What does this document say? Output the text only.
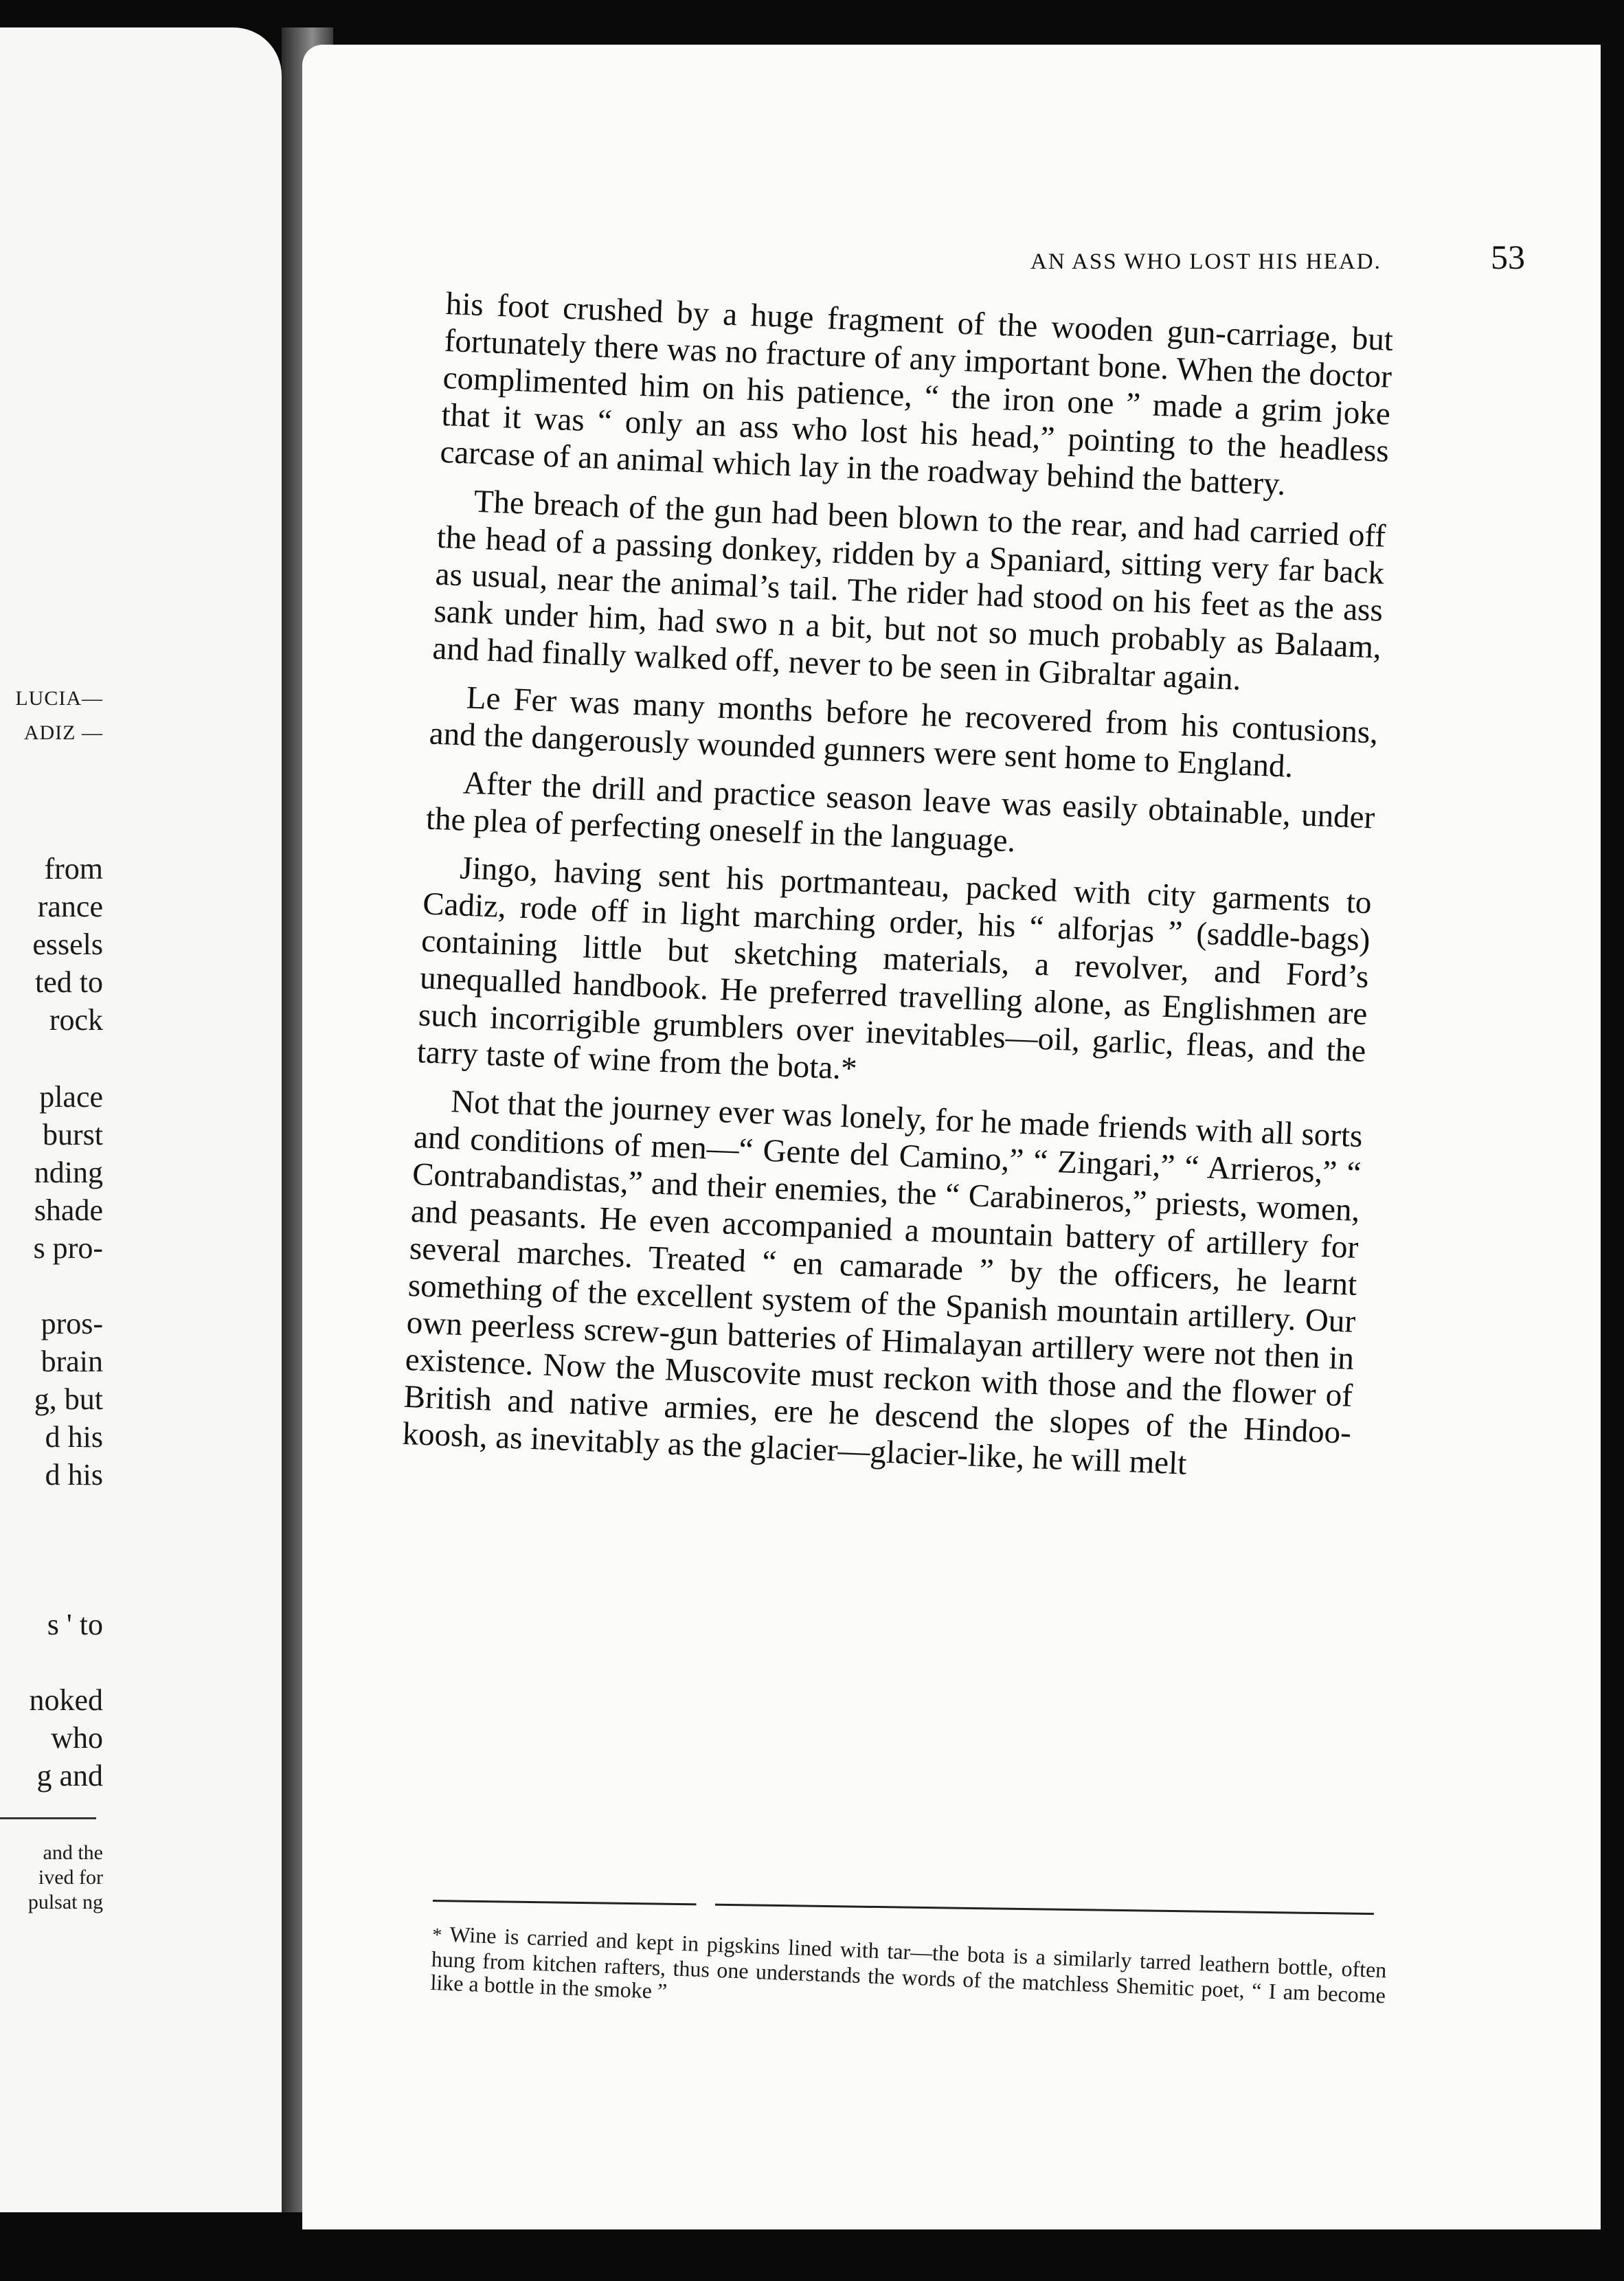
LUCIA—
ADIZ —
from
rance
essels
ted to
rock
place
burst
nding
shade
s pro-
pros-
brain
g, but
d his
d his
s ' to
noked
who
g and
and the
ived for
pulsat ng
AN ASS WHO LOST HIS HEAD.	53

his foot crushed by a huge fragment of the wooden gun-carriage, but fortunately there was no fracture of any important bone. When the doctor complimented him on his patience, “ the iron one ” made a grim joke that it was “ only an ass who lost his head,” pointing to the headless carcase of an animal which lay in the roadway behind the battery.

The breach of the gun had been blown to the rear, and had carried off the head of a passing donkey, ridden by a Spaniard, sitting very far back as usual, near the animal’s tail. The rider had stood on his feet as the ass sank under him, had swo n a bit, but not so much probably as Balaam, and had finally walked off, never to be seen in Gibraltar again.

Le Fer was many months before he recovered from his contusions, and the dangerously wounded gunners were sent home to England.

After the drill and practice season leave was easily obtainable, under the plea of perfecting oneself in the language.

Jingo, having sent his portmanteau, packed with city garments to Cadiz, rode off in light marching order, his “ alforjas ” (saddle-bags) containing little but sketching materials, a revolver, and Ford’s unequalled handbook. He preferred travelling alone, as Englishmen are such incorrigible grumblers over inevitables—oil, garlic, fleas, and the tarry taste of wine from the bota.*

Not that the journey ever was lonely, for he made friends with all sorts and conditions of men—“ Gente del Camino,” “ Zingari,” “ Arrieros,” “ Contrabandistas,” and their enemies, the “ Carabineros,” priests, women, and peasants. He even accompanied a mountain battery of artillery for several marches. Treated “ en camarade ” by the officers, he learnt something of the excellent system of the Spanish mountain artillery. Our own peerless screw-gun batteries of Himalayan artillery were not then in existence. Now the Muscovite must reckon with those and the flower of British and native armies, ere he descend the slopes of the Hindoo-koosh, as inevitably as the glacier—glacier-like, he will melt

* Wine is carried and kept in pigskins lined with tar—the bota is a similarly tarred leathern bottle, often hung from kitchen rafters, thus one understands the words of the matchless Shemitic poet, “ I am become like a bottle in the smoke ”
